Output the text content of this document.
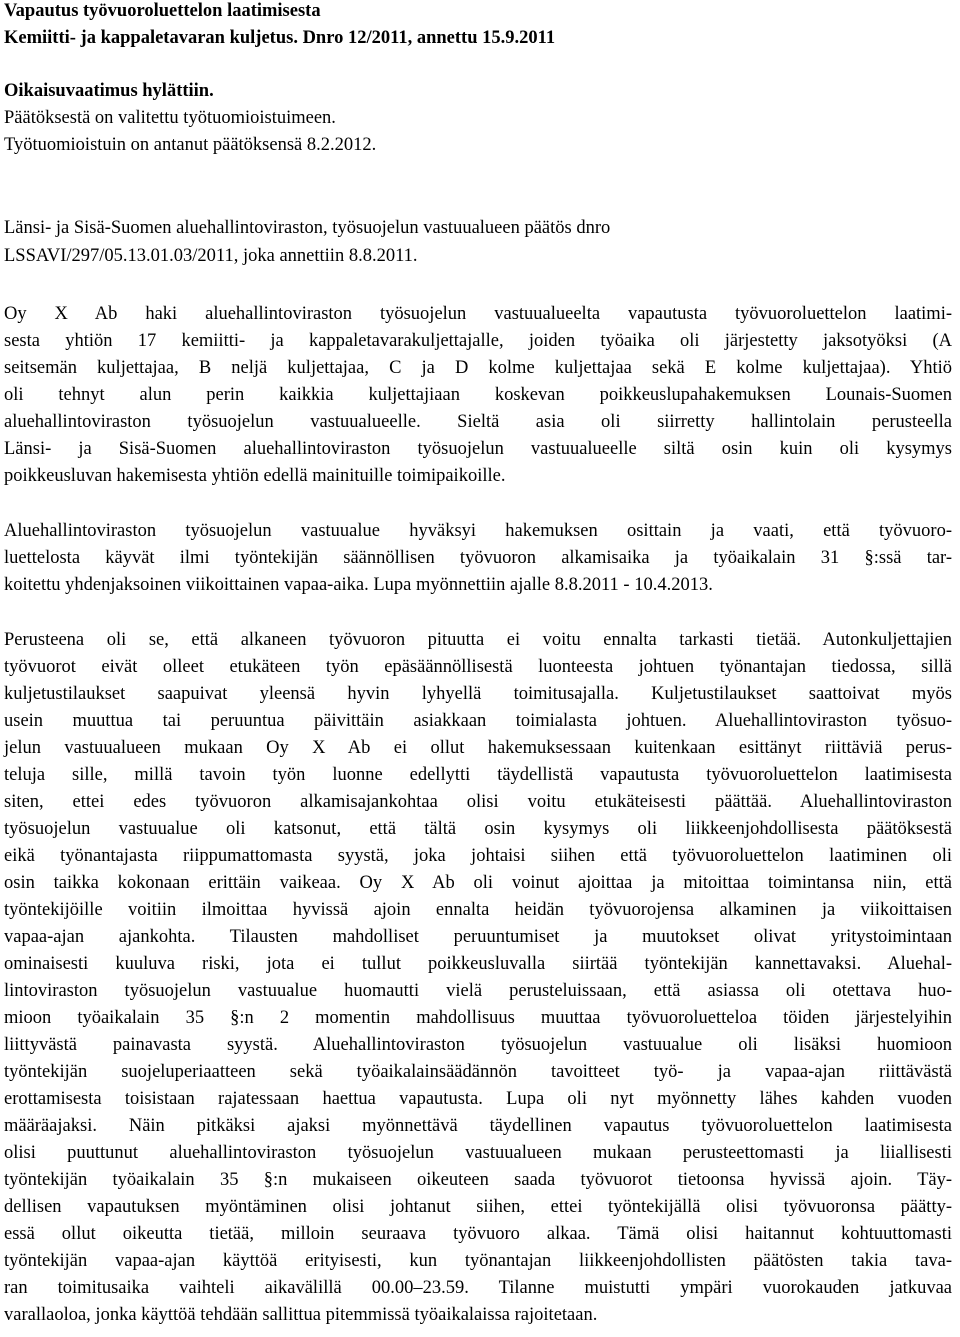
Vapautus työvuoroluettelon laatimisesta
Kemiitti- ja kappaletavaran kuljetus. Dnro 12/2011, annettu 15.9.2011
Oikaisuvaatimus hylättiin.
Päätöksestä on valitettu työtuomioistuimeen.
Työtuomioistuin on antanut päätöksensä 8.2.2012.
Länsi- ja Sisä-Suomen aluehallintoviraston, työsuojelun vastuualueen päätös dnro
LSSAVI/297/05.13.01.03/2011, joka annettiin 8.8.2011.
Oy X Ab haki aluehallintoviraston työsuojelun vastuualueelta vapautusta työvuoroluettelon laatimi-
sesta yhtiön 17 kemiitti- ja kappaletavarakuljettajalle, joiden työaika oli järjestetty jaksotyöksi (A
seitsemän kuljettajaa, B neljä kuljettajaa, C ja D kolme kuljettajaa sekä E kolme kuljettajaa). Yhtiö
oli tehnyt alun perin kaikkia kuljettajiaan koskevan poikkeuslupahakemuksen Lounais-Suomen
aluehallintoviraston työsuojelun vastuualueelle. Sieltä asia oli siirretty hallintolain perusteella
Länsi- ja Sisä-Suomen aluehallintoviraston työsuojelun vastuualueelle siltä osin kuin oli kysymys
poikkeusluvan hakemisesta yhtiön edellä mainituille toimipaikoille.
Aluehallintoviraston työsuojelun vastuualue hyväksyi hakemuksen osittain ja vaati, että työvuoro-
luettelosta käyvät ilmi työntekijän säännöllisen työvuoron alkamisaika ja työaikalain 31 §:ssä tar-
koitettu yhdenjaksoinen viikoittainen vapaa-aika. Lupa myönnettiin ajalle 8.8.2011 - 10.4.2013.
Perusteena oli se, että alkaneen työvuoron pituutta ei voitu ennalta tarkasti tietää. Autonkuljettajien
työvuorot eivät olleet etukäteen työn epäsäännöllisestä luonteesta johtuen työnantajan tiedossa, sillä
kuljetustilaukset saapuivat yleensä hyvin lyhyellä toimitusajalla. Kuljetustilaukset saattoivat myös
usein muuttua tai peruuntua päivittäin asiakkaan toimialasta johtuen. Aluehallintoviraston työsuo-
jelun vastuualueen mukaan Oy X Ab ei ollut hakemuksessaan kuitenkaan esittänyt riittäviä perus-
teluja sille, millä tavoin työn luonne edellytti täydellistä vapautusta työvuoroluettelon laatimisesta
siten, ettei edes työvuoron alkamisajankohtaa olisi voitu etukäteisesti päättää. Aluehallintoviraston
työsuojelun vastuualue oli katsonut, että tältä osin kysymys oli liikkeenjohdollisesta päätöksestä
eikä työnantajasta riippumattomasta syystä, joka johtaisi siihen että työvuoroluettelon laatiminen oli
osin taikka kokonaan erittäin vaikeaa. Oy X Ab oli voinut ajoittaa ja mitoittaa toimintansa niin, että
työntekijöille voitiin ilmoittaa hyvissä ajoin ennalta heidän työvuorojensa alkaminen ja viikoittaisen
vapaa-ajan ajankohta. Tilausten mahdolliset peruuntumiset ja muutokset olivat yritystoimintaan
ominaisesti kuuluva riski, jota ei tullut poikkeusluvalla siirtää työntekijän kannettavaksi. Aluehal-
lintoviraston työsuojelun vastuualue huomautti vielä perusteluissaan, että asiassa oli otettava huo-
mioon työaikalain 35 §:n 2 momentin mahdollisuus muuttaa työvuoroluetteloa töiden järjestelyihin
liittyvästä painavasta syystä. Aluehallintoviraston työsuojelun vastuualue oli lisäksi huomioon
työntekijän suojeluperiaatteen sekä työaikalainsäädännön tavoitteet työ- ja vapaa-ajan riittävästä
erottamisesta toisistaan rajatessaan haettua vapautusta. Lupa oli nyt myönnetty lähes kahden vuoden
määräajaksi. Näin pitkäksi ajaksi myönnettävä täydellinen vapautus työvuoroluettelon laatimisesta
olisi puuttunut aluehallintoviraston työsuojelun vastuualueen mukaan perusteettomasti ja liiallisesti
työntekijän työaikalain 35 §:n mukaiseen oikeuteen saada työvuorot tietoonsa hyvissä ajoin. Täy-
dellisen vapautuksen myöntäminen olisi johtanut siihen, ettei työntekijällä olisi työvuoronsa päätty-
essä ollut oikeutta tietää, milloin seuraava työvuoro alkaa. Tämä olisi haitannut kohtuuttomasti
työntekijän vapaa-ajan käyttöä erityisesti, kun työnantajan liikkeenjohdollisten päätösten takia tava-
ran toimitusaika vaihteli aikavälillä 00.00–23.59. Tilanne muistutti ympäri vuorokauden jatkuvaa
varallaoloa, jonka käyttöä tehdään sallittua pitemmissä työaikalaissa rajoitetaan.
